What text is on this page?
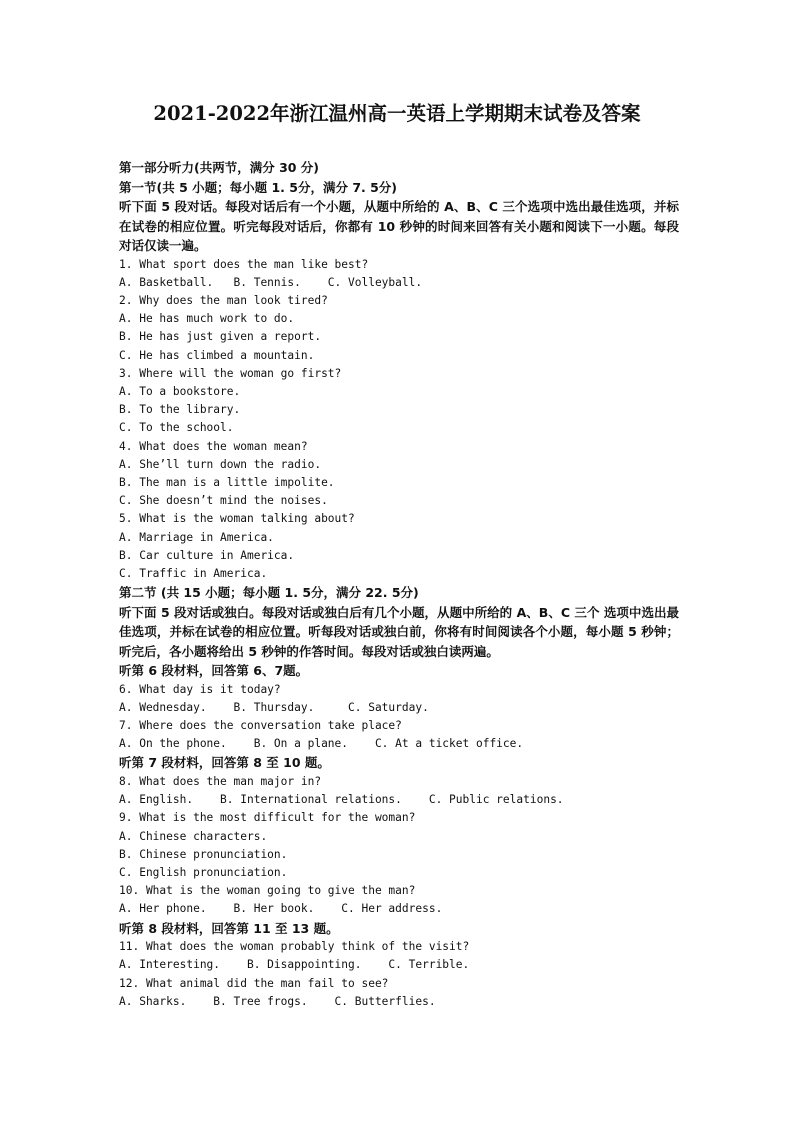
2021-2022年浙江温州高一英语上学期期末试卷及答案

第一部分听力(共两节，满分 30 分)

第一节(共 5 小题；每小题 1. 5分，满分 7. 5分)

听下面 5 段对话。每段对话后有一个小题，从题中所给的 A、B、C 三个选项中选出最佳选项，并标在试卷的相应位置。听完每段对话后，你都有 10 秒钟的时间来回答有关小题和阅读下一小题。每段对话仅读一遍。

1. What sport does the man like best?

A. Basketball.   B. Tennis.    C. Volleyball.

2. Why does the man look tired?

A. He has much work to do.

B. He has just given a report.

C. He has climbed a mountain.

3. Where will the woman go first?

A. To a bookstore.

B. To the library.

C. To the school.

4. What does the woman mean?

A. She’ll turn down the radio.

B. The man is a little impolite.

C. She doesn’t mind the noises.

5. What is the woman talking about?

A. Marriage in America.

B. Car culture in America.

C. Traffic in America.

第二节 (共 15 小题；每小题 1. 5分，满分 22. 5分)

听下面 5 段对话或独白。每段对话或独白后有几个小题，从题中所给的 A、B、C 三个 选项中选出最佳选项，并标在试卷的相应位置。听每段对话或独白前，你将有时间阅读各个小题，每小题 5 秒钟；听完后，各小题将给出 5 秒钟的作答时间。每段对话或独白读两遍。

听第 6 段材料，回答第 6、7题。

6. What day is it today?

A. Wednesday.    B. Thursday.     C. Saturday.

7. Where does the conversation take place?

A. On the phone.    B. On a plane.    C. At a ticket office.

听第 7 段材料，回答第 8 至 10 题。

8. What does the man major in?

A. English.    B. International relations.    C. Public relations.

9. What is the most difficult for the woman?

A. Chinese characters.

B. Chinese pronunciation.

C. English pronunciation.

10. What is the woman going to give the man?

A. Her phone.    B. Her book.    C. Her address.

听第 8 段材料，回答第 11 至 13 题。

11. What does the woman probably think of the visit?

A. Interesting.    B. Disappointing.    C. Terrible.

12. What animal did the man fail to see?

A. Sharks.    B. Tree frogs.    C. Butterflies.
